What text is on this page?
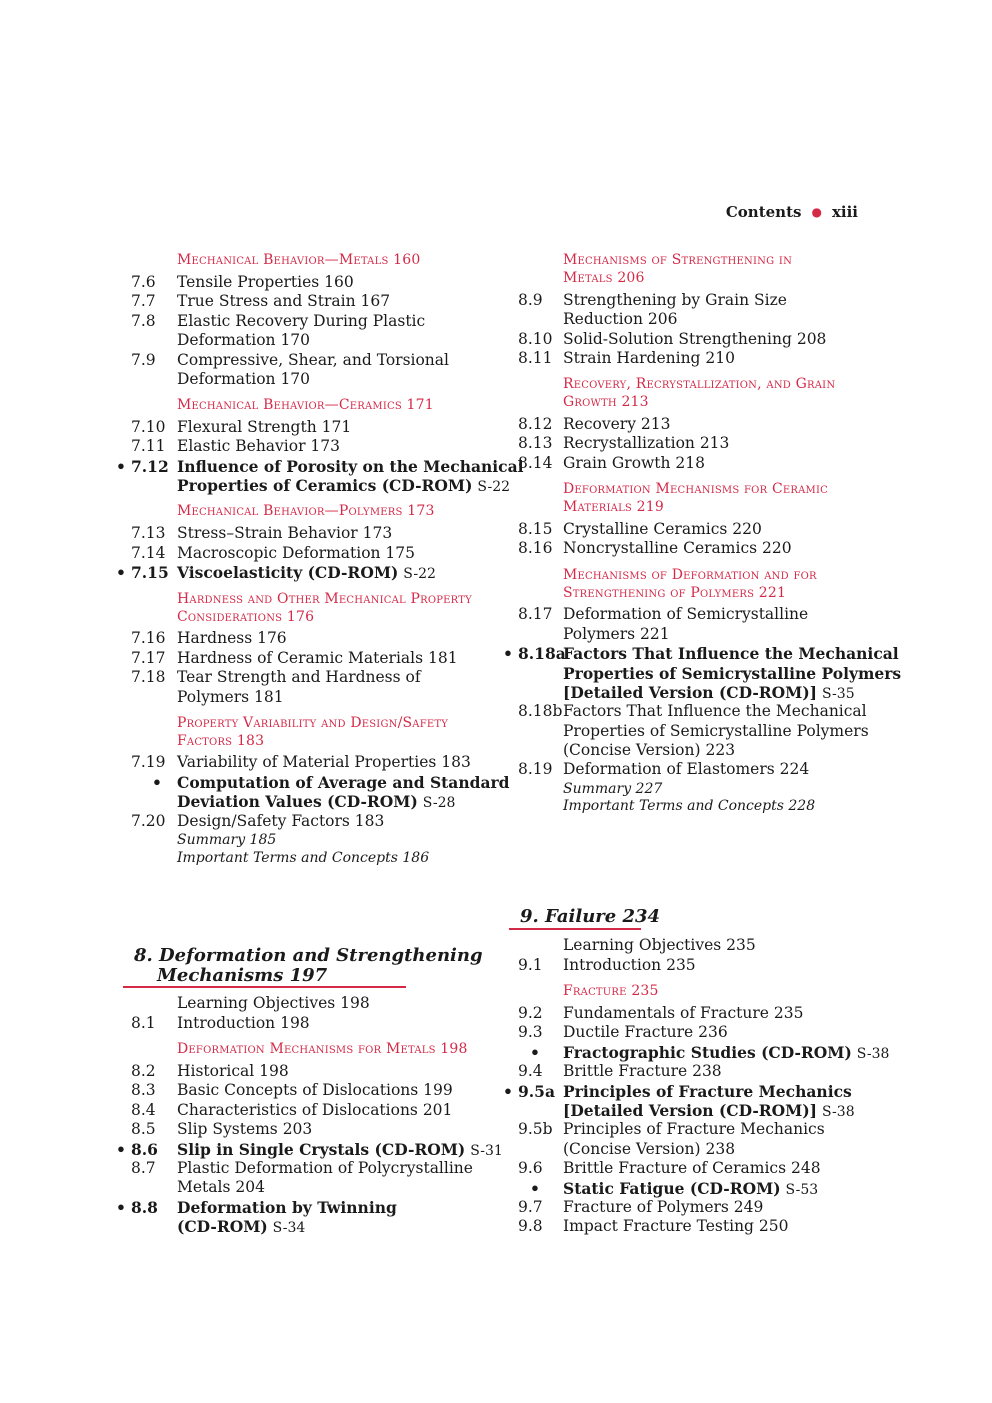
Contents ● xiii
Mechanical Behavior—Metals 160
7.6 Tensile Properties 160
7.7 True Stress and Strain 167
7.8 Elastic Recovery During Plastic
Deformation 170
7.9 Compressive, Shear, and Torsional
Deformation 170
Mechanical Behavior—Ceramics 171
7.10 Flexural Strength 171
7.11 Elastic Behavior 173
• 7.12 Influence of Porosity on the Mechanical
Properties of Ceramics (CD-ROM) S-22
Mechanical Behavior—Polymers 173
7.13 Stress–Strain Behavior 173
7.14 Macroscopic Deformation 175
• 7.15 Viscoelasticity (CD-ROM) S-22
Hardness and Other Mechanical Property
Considerations 176
7.16 Hardness 176
7.17 Hardness of Ceramic Materials 181
7.18 Tear Strength and Hardness of
Polymers 181
Property Variability and Design/Safety
Factors 183
7.19 Variability of Material Properties 183
• Computation of Average and Standard
Deviation Values (CD-ROM) S-28
7.20 Design/Safety Factors 183
Summary 185
Important Terms and Concepts 186
8. Deformation and Strengthening
Mechanisms 197
Learning Objectives 198
8.1 Introduction 198
Deformation Mechanisms for Metals 198
8.2 Historical 198
8.3 Basic Concepts of Dislocations 199
8.4 Characteristics of Dislocations 201
8.5 Slip Systems 203
• 8.6 Slip in Single Crystals (CD-ROM) S-31
8.7 Plastic Deformation of Polycrystalline
Metals 204
• 8.8 Deformation by Twinning
(CD-ROM) S-34
Mechanisms of Strengthening in
Metals 206
8.9 Strengthening by Grain Size
Reduction 206
8.10 Solid-Solution Strengthening 208
8.11 Strain Hardening 210
Recovery, Recrystallization, and Grain
Growth 213
8.12 Recovery 213
8.13 Recrystallization 213
8.14 Grain Growth 218
Deformation Mechanisms for Ceramic
Materials 219
8.15 Crystalline Ceramics 220
8.16 Noncrystalline Ceramics 220
Mechanisms of Deformation and for
Strengthening of Polymers 221
8.17 Deformation of Semicrystalline
Polymers 221
• 8.18a
Factors That Influence the Mechanical
Properties of Semicrystalline Polymers
[Detailed Version (CD-ROM)] S-35
8.18b Factors That Influence the Mechanical
Properties of Semicrystalline Polymers
(Concise Version) 223
8.19 Deformation of Elastomers 224
Summary 227
Important Terms and Concepts 228
9. Failure 234
Learning Objectives 235
9.1 Introduction 235
Fracture 235
9.2 Fundamentals of Fracture 235
9.3 Ductile Fracture 236
• Fractographic Studies (CD-ROM) S-38
9.4 Brittle Fracture 238
• 9.5a Principles of Fracture Mechanics
[Detailed Version (CD-ROM)] S-38
9.5b Principles of Fracture Mechanics
(Concise Version) 238
9.6 Brittle Fracture of Ceramics 248
• Static Fatigue (CD-ROM) S-53
9.7 Fracture of Polymers 249
9.8 Impact Fracture Testing 250
